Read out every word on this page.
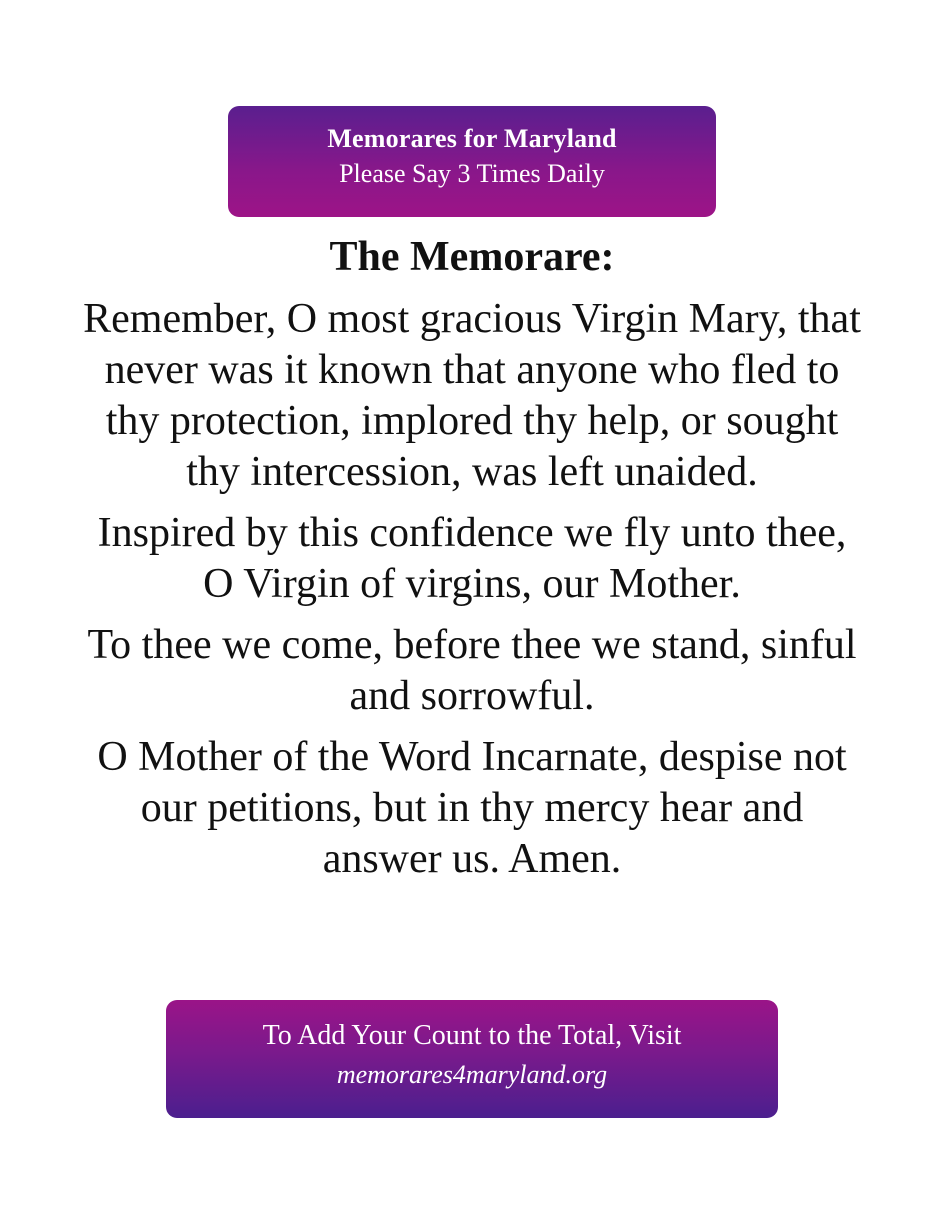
Memorares for Maryland
Please Say 3 Times Daily
The Memorare:

Remember, O most gracious Virgin Mary, that never was it known that anyone who fled to thy protection, implored thy help, or sought thy intercession, was left unaided.

Inspired by this confidence we fly unto thee, O Virgin of virgins, our Mother.

To thee we come, before thee we stand, sinful and sorrowful.

O Mother of the Word Incarnate, despise not our petitions, but in thy mercy hear and answer us. Amen.

To Add Your Count to the Total, Visit
memorares4maryland.org
